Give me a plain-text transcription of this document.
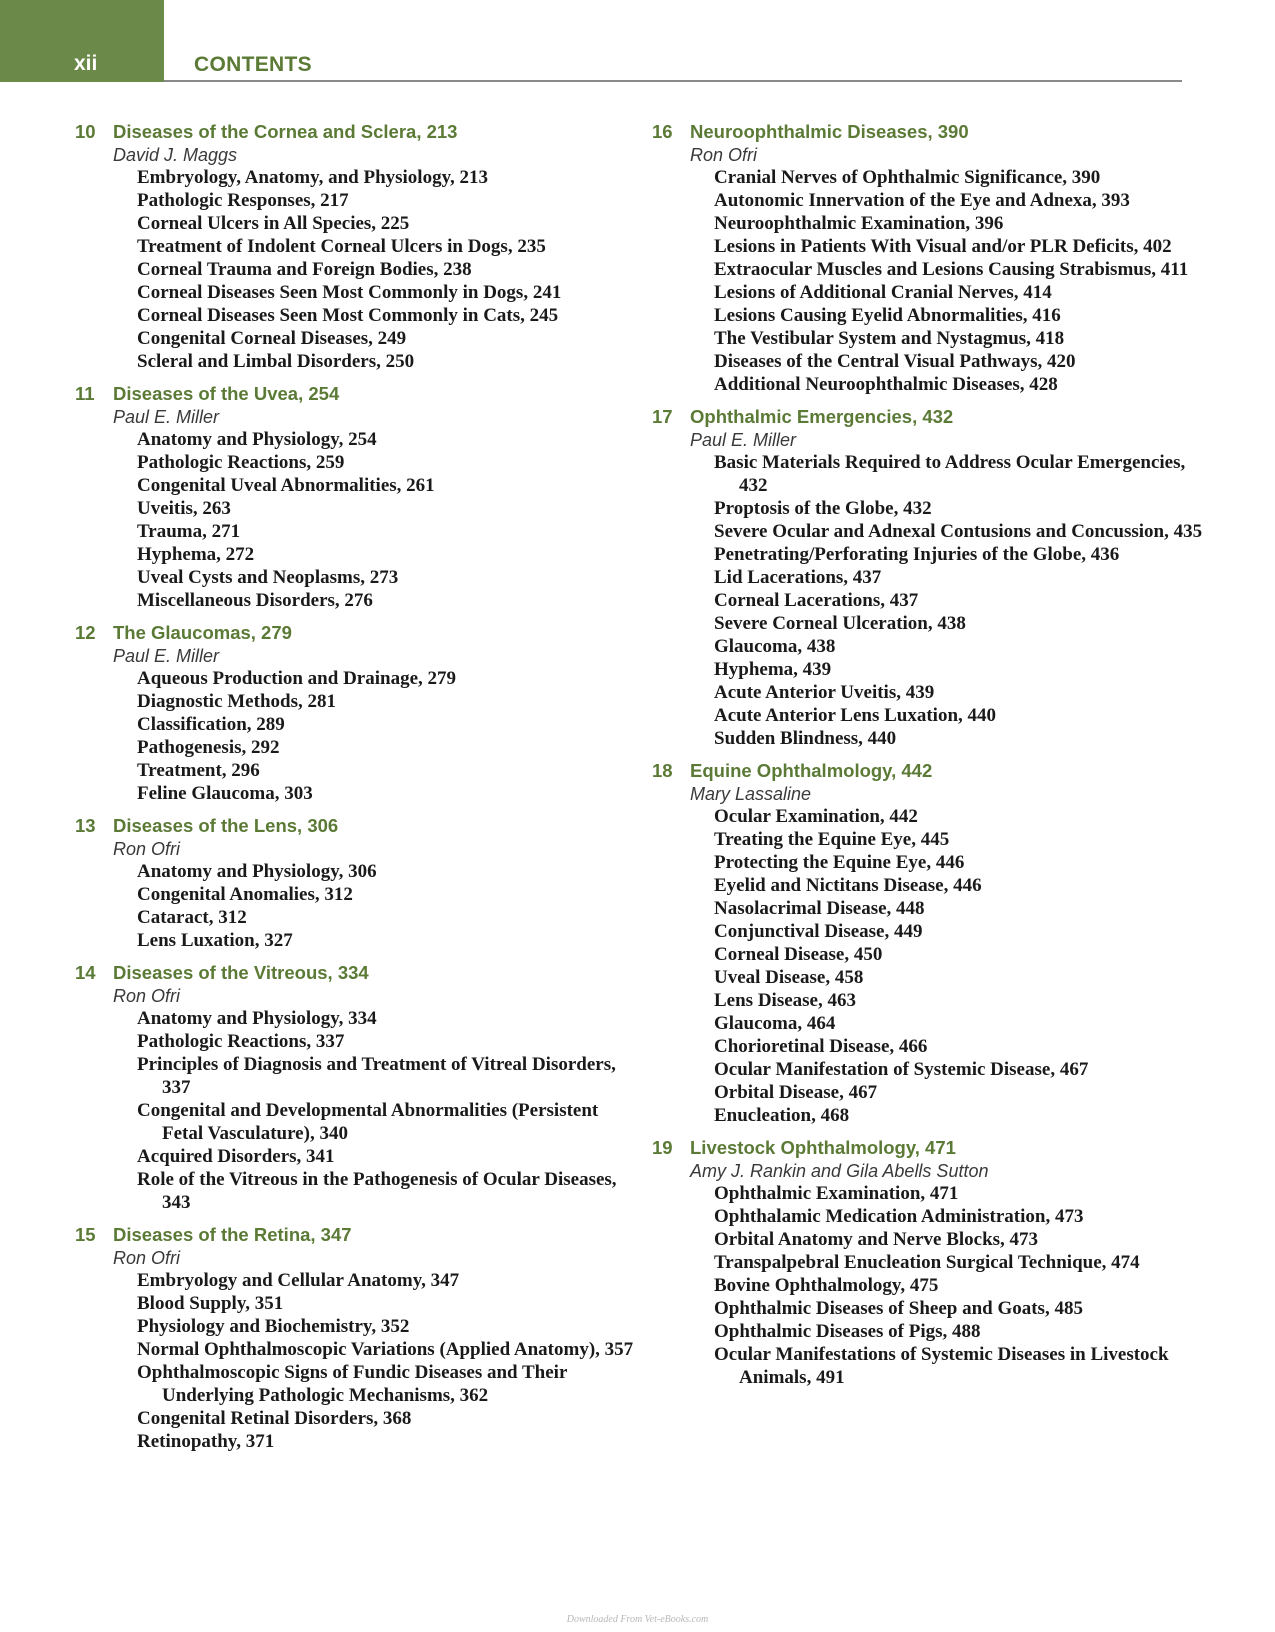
xii	CONTENTS
10 Diseases of the Cornea and Sclera, 213
David J. Maggs
Embryology, Anatomy, and Physiology, 213
Pathologic Responses, 217
Corneal Ulcers in All Species, 225
Treatment of Indolent Corneal Ulcers in Dogs, 235
Corneal Trauma and Foreign Bodies, 238
Corneal Diseases Seen Most Commonly in Dogs, 241
Corneal Diseases Seen Most Commonly in Cats, 245
Congenital Corneal Diseases, 249
Scleral and Limbal Disorders, 250
11 Diseases of the Uvea, 254
Paul E. Miller
Anatomy and Physiology, 254
Pathologic Reactions, 259
Congenital Uveal Abnormalities, 261
Uveitis, 263
Trauma, 271
Hyphema, 272
Uveal Cysts and Neoplasms, 273
Miscellaneous Disorders, 276
12 The Glaucomas, 279
Paul E. Miller
Aqueous Production and Drainage, 279
Diagnostic Methods, 281
Classification, 289
Pathogenesis, 292
Treatment, 296
Feline Glaucoma, 303
13 Diseases of the Lens, 306
Ron Ofri
Anatomy and Physiology, 306
Congenital Anomalies, 312
Cataract, 312
Lens Luxation, 327
14 Diseases of the Vitreous, 334
Ron Ofri
Anatomy and Physiology, 334
Pathologic Reactions, 337
Principles of Diagnosis and Treatment of Vitreal Disorders, 337
Congenital and Developmental Abnormalities (Persistent Fetal Vasculature), 340
Acquired Disorders, 341
Role of the Vitreous in the Pathogenesis of Ocular Diseases, 343
15 Diseases of the Retina, 347
Ron Ofri
Embryology and Cellular Anatomy, 347
Blood Supply, 351
Physiology and Biochemistry, 352
Normal Ophthalmoscopic Variations (Applied Anatomy), 357
Ophthalmoscopic Signs of Fundic Diseases and Their Underlying Pathologic Mechanisms, 362
Congenital Retinal Disorders, 368
Retinopathy, 371
16 Neuroophthalmic Diseases, 390
Ron Ofri
Cranial Nerves of Ophthalmic Significance, 390
Autonomic Innervation of the Eye and Adnexa, 393
Neuroophthalmic Examination, 396
Lesions in Patients With Visual and/or PLR Deficits, 402
Extraocular Muscles and Lesions Causing Strabismus, 411
Lesions of Additional Cranial Nerves, 414
Lesions Causing Eyelid Abnormalities, 416
The Vestibular System and Nystagmus, 418
Diseases of the Central Visual Pathways, 420
Additional Neuroophthalmic Diseases, 428
17 Ophthalmic Emergencies, 432
Paul E. Miller
Basic Materials Required to Address Ocular Emergencies, 432
Proptosis of the Globe, 432
Severe Ocular and Adnexal Contusions and Concussion, 435
Penetrating/Perforating Injuries of the Globe, 436
Lid Lacerations, 437
Corneal Lacerations, 437
Severe Corneal Ulceration, 438
Glaucoma, 438
Hyphema, 439
Acute Anterior Uveitis, 439
Acute Anterior Lens Luxation, 440
Sudden Blindness, 440
18 Equine Ophthalmology, 442
Mary Lassaline
Ocular Examination, 442
Treating the Equine Eye, 445
Protecting the Equine Eye, 446
Eyelid and Nictitans Disease, 446
Nasolacrimal Disease, 448
Conjunctival Disease, 449
Corneal Disease, 450
Uveal Disease, 458
Lens Disease, 463
Glaucoma, 464
Chorioretinal Disease, 466
Ocular Manifestation of Systemic Disease, 467
Orbital Disease, 467
Enucleation, 468
19 Livestock Ophthalmology, 471
Amy J. Rankin and Gila Abells Sutton
Ophthalmic Examination, 471
Ophthalamic Medication Administration, 473
Orbital Anatomy and Nerve Blocks, 473
Transpalpebral Enucleation Surgical Technique, 474
Bovine Ophthalmology, 475
Ophthalmic Diseases of Sheep and Goats, 485
Ophthalmic Diseases of Pigs, 488
Ocular Manifestations of Systemic Diseases in Livestock Animals, 491
Downloaded From Vet-eBooks.com
